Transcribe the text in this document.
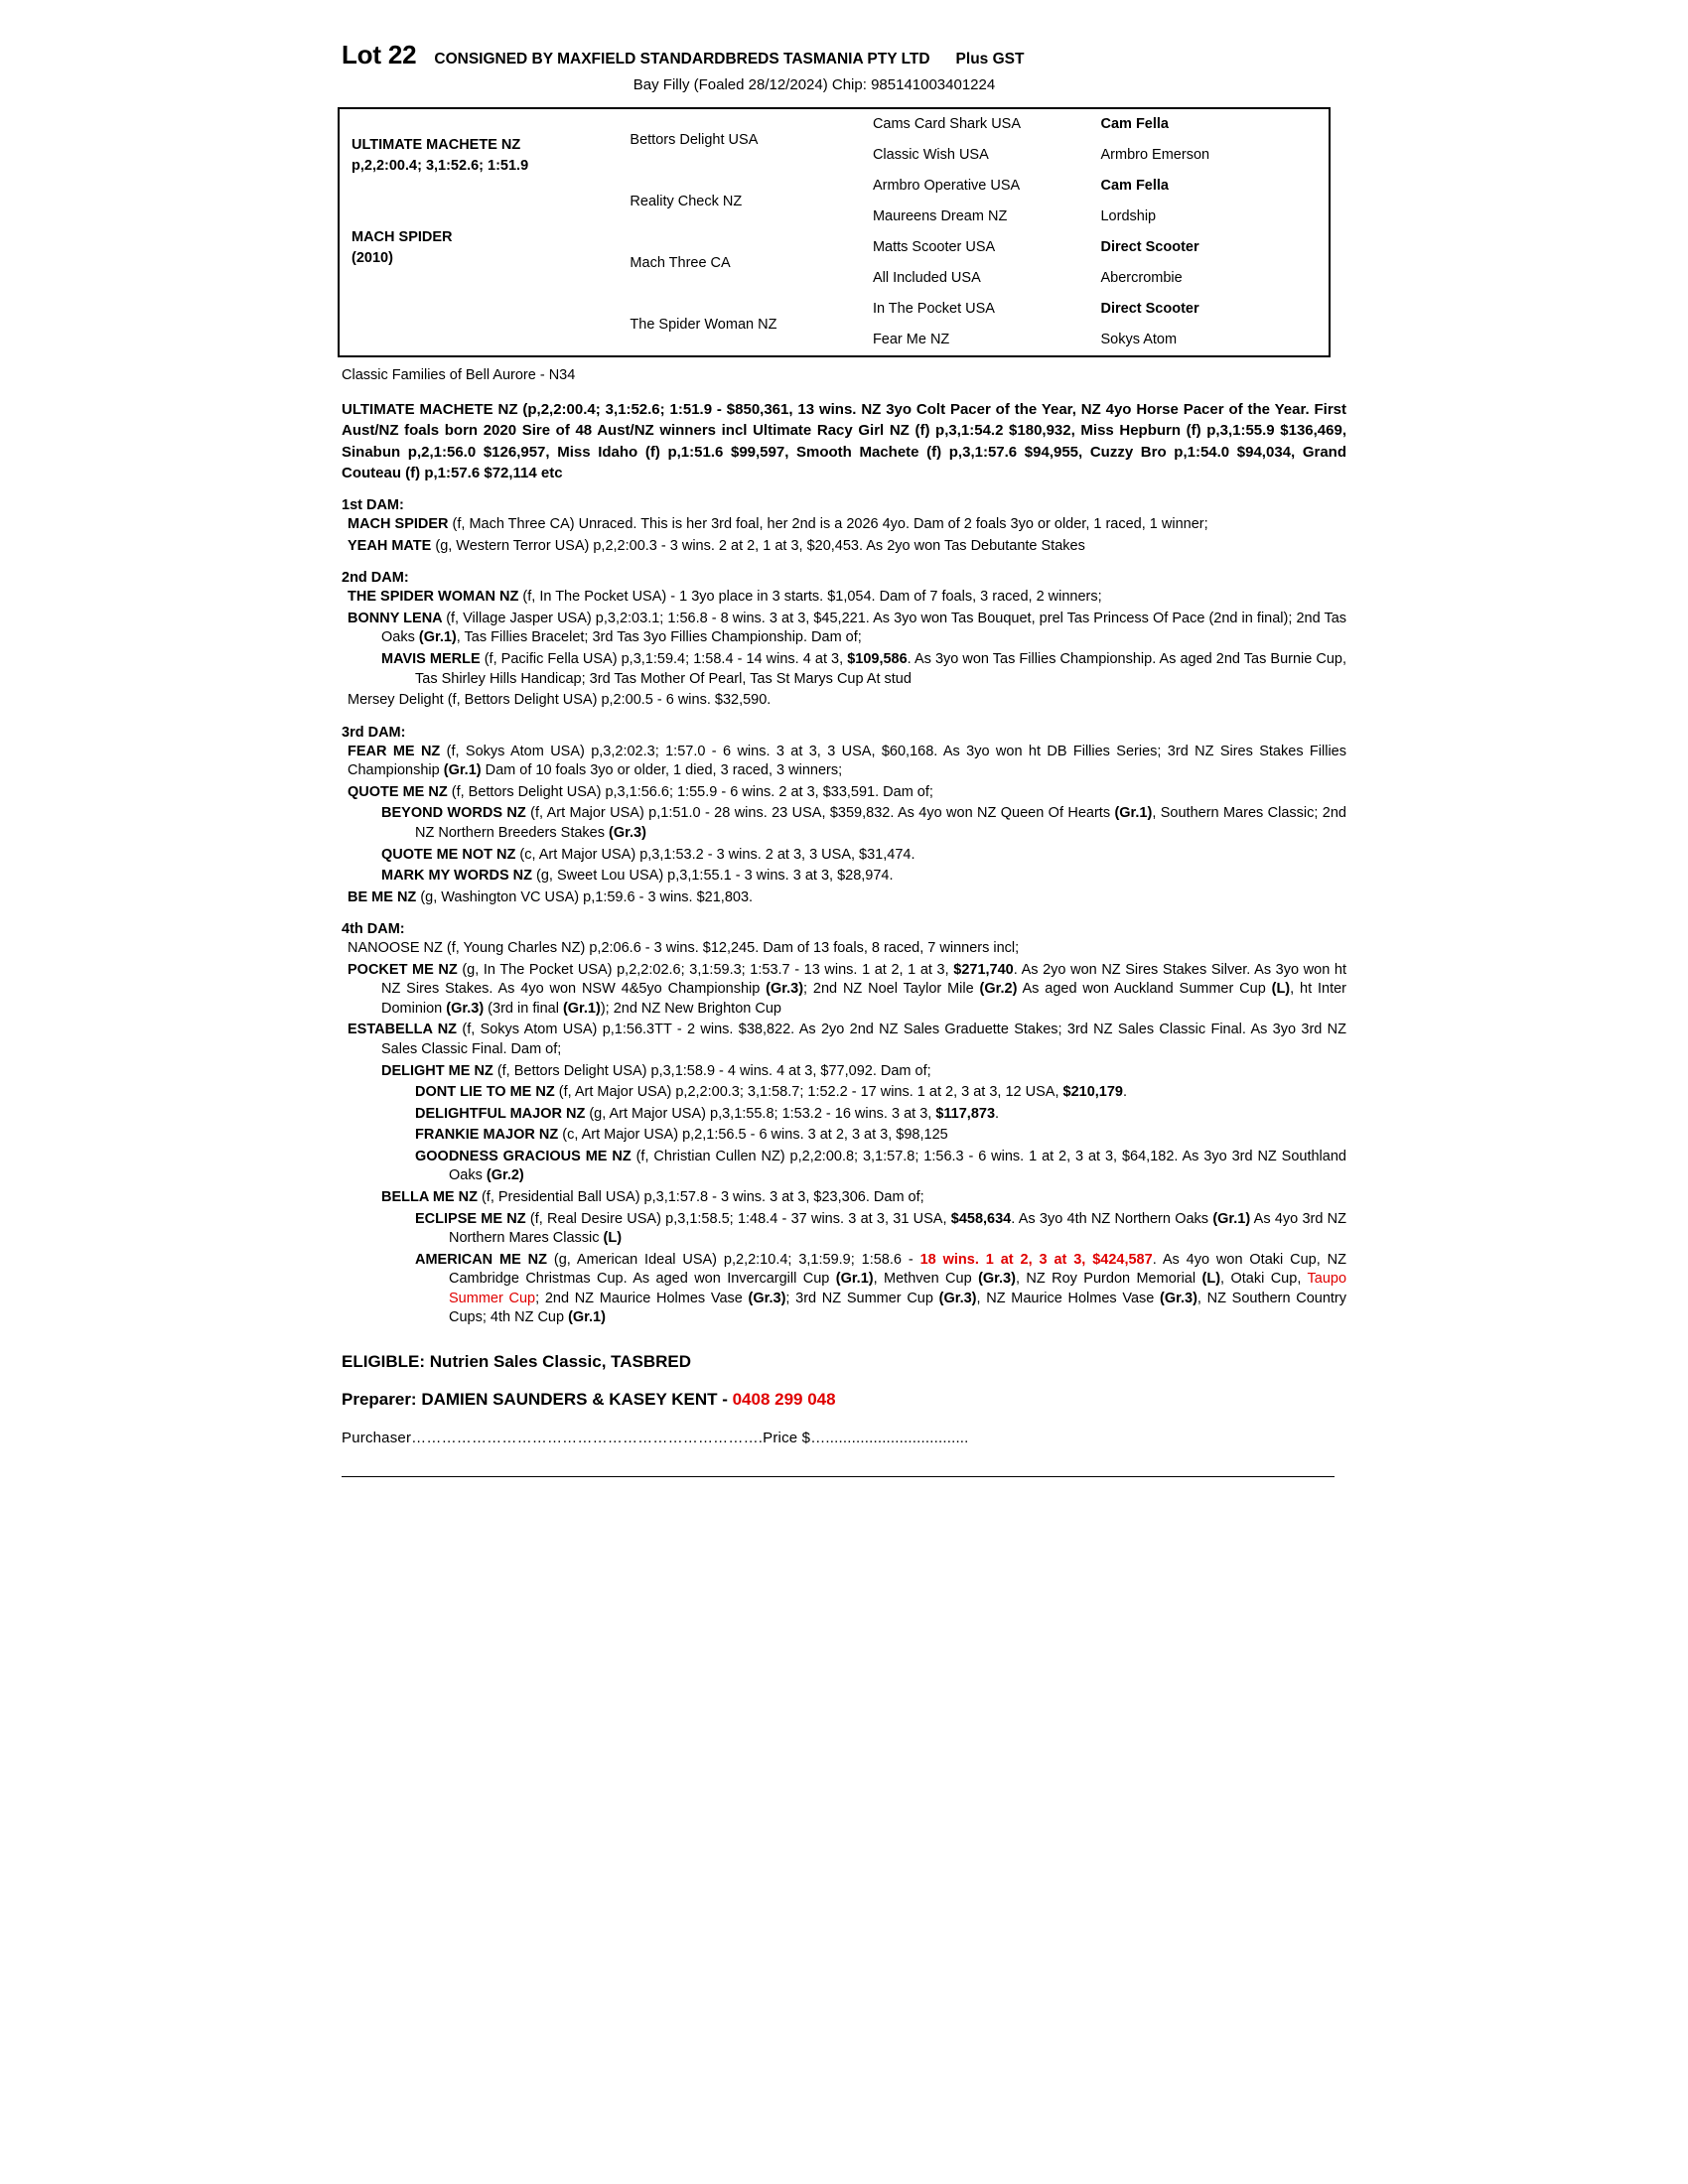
Lot 22 CONSIGNED BY MAXFIELD STANDARDBREDS TASMANIA PTY LTD	Plus GST
Bay Filly (Foaled 28/12/2024) Chip: 985141003401224
ULTIMATE MACHETE NZ
p,2,2:00.4; 3,1:52.6; 1:51.9
MACH SPIDER
(2010)
Bettors Delight USA
Reality Check NZ
Mach Three CA
The Spider Woman NZ
Cams Card Shark USA
Classic Wish USA
Armbro Operative USA
Maureens Dream NZ
Matts Scooter USA
All Included USA
In The Pocket USA
Fear Me NZ
Cam Fella
Armbro Emerson
Cam Fella
Lordship
Direct Scooter
Abercrombie
Direct Scooter
Sokys Atom
Classic Families of Bell Aurore - N34
ULTIMATE MACHETE NZ (p,2,2:00.4; 3,1:52.6; 1:51.9 - $850,361, 13 wins. NZ 3yo Colt Pacer of the Year, NZ 4yo Horse Pacer of the Year. First Aust/NZ foals born 2020 Sire of 48 Aust/NZ winners incl Ultimate Racy Girl NZ (f) p,3,1:54.2 $180,932, Miss Hepburn (f) p,3,1:55.9 $136,469, Sinabun p,2,1:56.0 $126,957, Miss Idaho (f) p,1:51.6 $99,597, Smooth Machete (f) p,3,1:57.6 $94,955, Cuzzy Bro p,1:54.0 $94,034, Grand Couteau (f) p,1:57.6 $72,114 etc
1st DAM:
MACH SPIDER (f, Mach Three CA) Unraced. This is her 3rd foal, her 2nd is a 2026 4yo. Dam of 2 foals 3yo or older, 1 raced, 1 winner;
YEAH MATE (g, Western Terror USA) p,2,2:00.3 - 3 wins. 2 at 2, 1 at 3, $20,453. As 2yo won Tas Debutante Stakes
2nd DAM:
THE SPIDER WOMAN NZ (f, In The Pocket USA) - 1 3yo place in 3 starts. $1,054. Dam of 7 foals, 3 raced, 2 winners;
BONNY LENA (f, Village Jasper USA) p,3,2:03.1; 1:56.8 - 8 wins. 3 at 3, $45,221. As 3yo won Tas Bouquet, prel Tas Princess Of Pace (2nd in final); 2nd Tas Oaks (Gr.1), Tas Fillies Bracelet; 3rd Tas 3yo Fillies Championship. Dam of;
MAVIS MERLE (f, Pacific Fella USA) p,3,1:59.4; 1:58.4 - 14 wins. 4 at 3, $109,586. As 3yo won Tas Fillies Championship. As aged 2nd Tas Burnie Cup, Tas Shirley Hills Handicap; 3rd Tas Mother Of Pearl, Tas St Marys Cup At stud
Mersey Delight (f, Bettors Delight USA) p,2:00.5 - 6 wins. $32,590.
3rd DAM:
FEAR ME NZ (f, Sokys Atom USA) p,3,2:02.3; 1:57.0 - 6 wins. 3 at 3, 3 USA, $60,168. As 3yo won ht DB Fillies Series; 3rd NZ Sires Stakes Fillies Championship (Gr.1) Dam of 10 foals 3yo or older, 1 died, 3 raced, 3 winners;
QUOTE ME NZ (f, Bettors Delight USA) p,3,1:56.6; 1:55.9 - 6 wins. 2 at 3, $33,591. Dam of;
BEYOND WORDS NZ (f, Art Major USA) p,1:51.0 - 28 wins. 23 USA, $359,832. As 4yo won NZ Queen Of Hearts (Gr.1), Southern Mares Classic; 2nd NZ Northern Breeders Stakes (Gr.3)
QUOTE ME NOT NZ (c, Art Major USA) p,3,1:53.2 - 3 wins. 2 at 3, 3 USA, $31,474.
MARK MY WORDS NZ (g, Sweet Lou USA) p,3,1:55.1 - 3 wins. 3 at 3, $28,974.
BE ME NZ (g, Washington VC USA) p,1:59.6 - 3 wins. $21,803.
4th DAM:
NANOOSE NZ (f, Young Charles NZ) p,2:06.6 - 3 wins. $12,245. Dam of 13 foals, 8 raced, 7 winners incl;
POCKET ME NZ (g, In The Pocket USA) p,2,2:02.6; 3,1:59.3; 1:53.7 - 13 wins. 1 at 2, 1 at 3, $271,740. As 2yo won NZ Sires Stakes Silver. As 3yo won ht NZ Sires Stakes. As 4yo won NSW 4&5yo Championship (Gr.3); 2nd NZ Noel Taylor Mile (Gr.2) As aged won Auckland Summer Cup (L), ht Inter Dominion (Gr.3) (3rd in final (Gr.1)); 2nd NZ New Brighton Cup
ESTABELLA NZ (f, Sokys Atom USA) p,1:56.3TT - 2 wins. $38,822. As 2yo 2nd NZ Sales Graduette Stakes; 3rd NZ Sales Classic Final. As 3yo 3rd NZ Sales Classic Final. Dam of;
DELIGHT ME NZ (f, Bettors Delight USA) p,3,1:58.9 - 4 wins. 4 at 3, $77,092. Dam of;
DONT LIE TO ME NZ (f, Art Major USA) p,2,2:00.3; 3,1:58.7; 1:52.2 - 17 wins. 1 at 2, 3 at 3, 12 USA, $210,179.
DELIGHTFUL MAJOR NZ (g, Art Major USA) p,3,1:55.8; 1:53.2 - 16 wins. 3 at 3, $117,873.
FRANKIE MAJOR NZ (c, Art Major USA) p,2,1:56.5 - 6 wins. 3 at 2, 3 at 3, $98,125
GOODNESS GRACIOUS ME NZ (f, Christian Cullen NZ) p,2,2:00.8; 3,1:57.8; 1:56.3 - 6 wins. 1 at 2, 3 at 3, $64,182. As 3yo 3rd NZ Southland Oaks (Gr.2)
BELLA ME NZ (f, Presidential Ball USA) p,3,1:57.8 - 3 wins. 3 at 3, $23,306. Dam of;
ECLIPSE ME NZ (f, Real Desire USA) p,3,1:58.5; 1:48.4 - 37 wins. 3 at 3, 31 USA, $458,634. As 3yo 4th NZ Northern Oaks (Gr.1) As 4yo 3rd NZ Northern Mares Classic (L)
AMERICAN ME NZ (g, American Ideal USA) p,2,2:10.4; 3,1:59.9; 1:58.6 - 18 wins. 1 at 2, 3 at 3, $424,587. As 4yo won Otaki Cup, NZ Cambridge Christmas Cup. As aged won Invercargill Cup (Gr.1), Methven Cup (Gr.3), NZ Roy Purdon Memorial (L), Otaki Cup, Taupo Summer Cup; 2nd NZ Maurice Holmes Vase (Gr.3); 3rd NZ Summer Cup (Gr.3), NZ Maurice Holmes Vase (Gr.3), NZ Southern Country Cups; 4th NZ Cup (Gr.1)
ELIGIBLE: Nutrien Sales Classic, TASBRED
Preparer: DAMIEN SAUNDERS & KASEY KENT - 0408 299 048
Purchaser…………………………………………………………….Price $….................................
